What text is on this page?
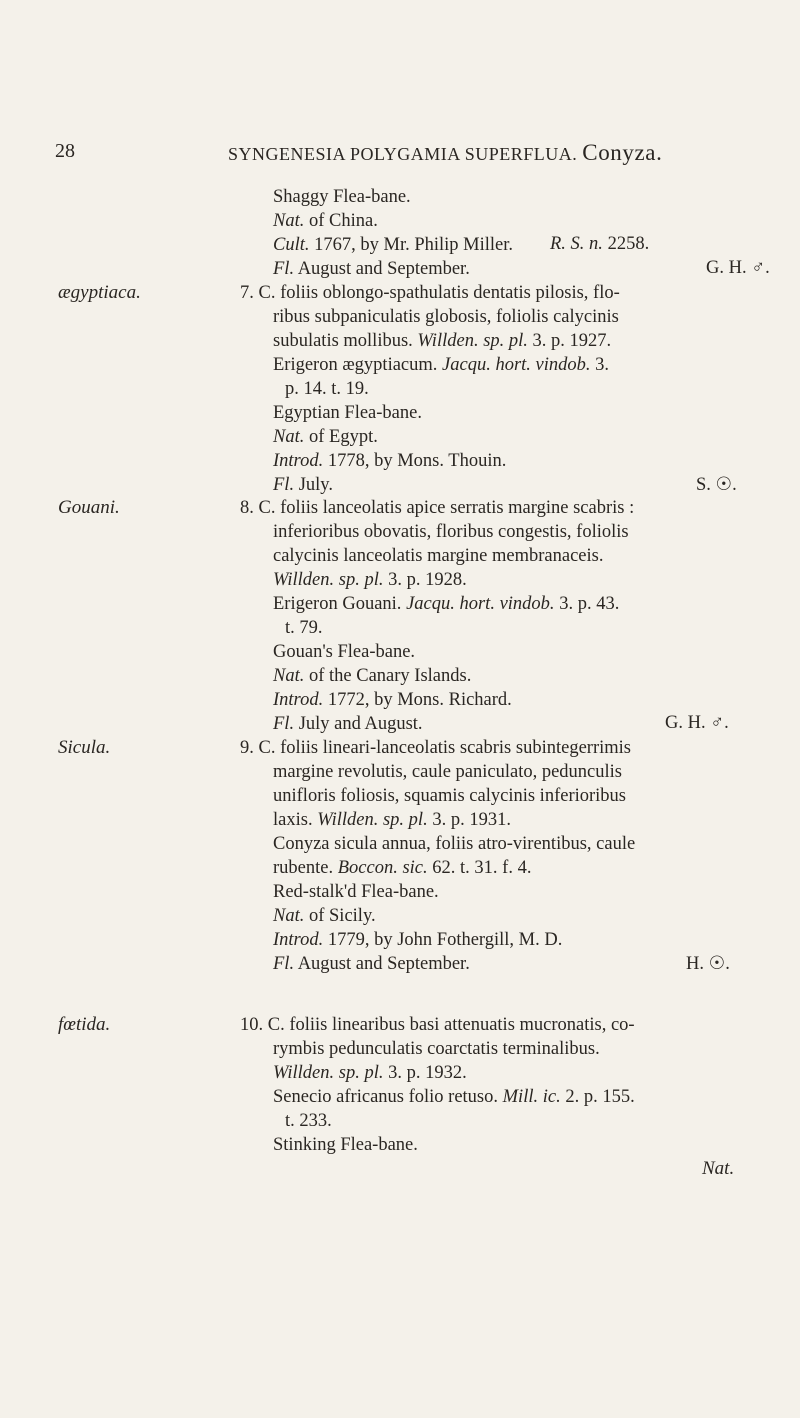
28	SYNGENESIA POLYGAMIA SUPERFLUA. Conyza.
Shaggy Flea-bane.
Nat. of China.
Cult. 1767, by Mr. Philip Miller. R. S. n. 2258.
Fl. August and September.	G. H. ♂.
ægyptiaca.	7. C. foliis oblongo-spathulatis dentatis pilosis, flo-
ribus subpaniculatis globosis, foliolis calycinis
subulatis mollibus. Willden. sp. pl. 3. p. 1927.
Erigeron ægyptiacum. Jacqu. hort. vindob. 3.
p. 14. t. 19.
Egyptian Flea-bane.
Nat. of Egypt.
Introd. 1778, by Mons. Thouin.
Fl. July.	S. ☉.
Gouani.	8. C. foliis lanceolatis apice serratis margine scabris :
inferioribus obovatis, floribus congestis, foliolis
calycinis lanceolatis margine membranaceis.
Willden. sp. pl. 3. p. 1928.
Erigeron Gouani. Jacqu. hort. vindob. 3. p. 43.
t. 79.
Gouan's Flea-bane.
Nat. of the Canary Islands.
Introd. 1772, by Mons. Richard.
Fl. July and August.	G. H. ♂.
Sicula.	9. C. foliis lineari-lanceolatis scabris subintegerrimis
margine revolutis, caule paniculato, pedunculis
unifloris foliosis, squamis calycinis inferioribus
laxis. Willden. sp. pl. 3. p. 1931.
Conyza sicula annua, foliis atro-virentibus, caule
rubente. Boccon. sic. 62. t. 31. f. 4.
Red-stalk'd Flea-bane.
Nat. of Sicily.
Introd. 1779, by John Fothergill, M. D.
Fl. August and September.	H. ☉.
fœtida.	10. C. foliis linearibus basi attenuatis mucronatis, co-
rymbis pedunculatis coarctatis terminalibus.
Willden. sp. pl. 3. p. 1932.
Senecio africanus folio retuso. Mill. ic. 2. p. 155.
t. 233.
Stinking Flea-bane.
Nat.
